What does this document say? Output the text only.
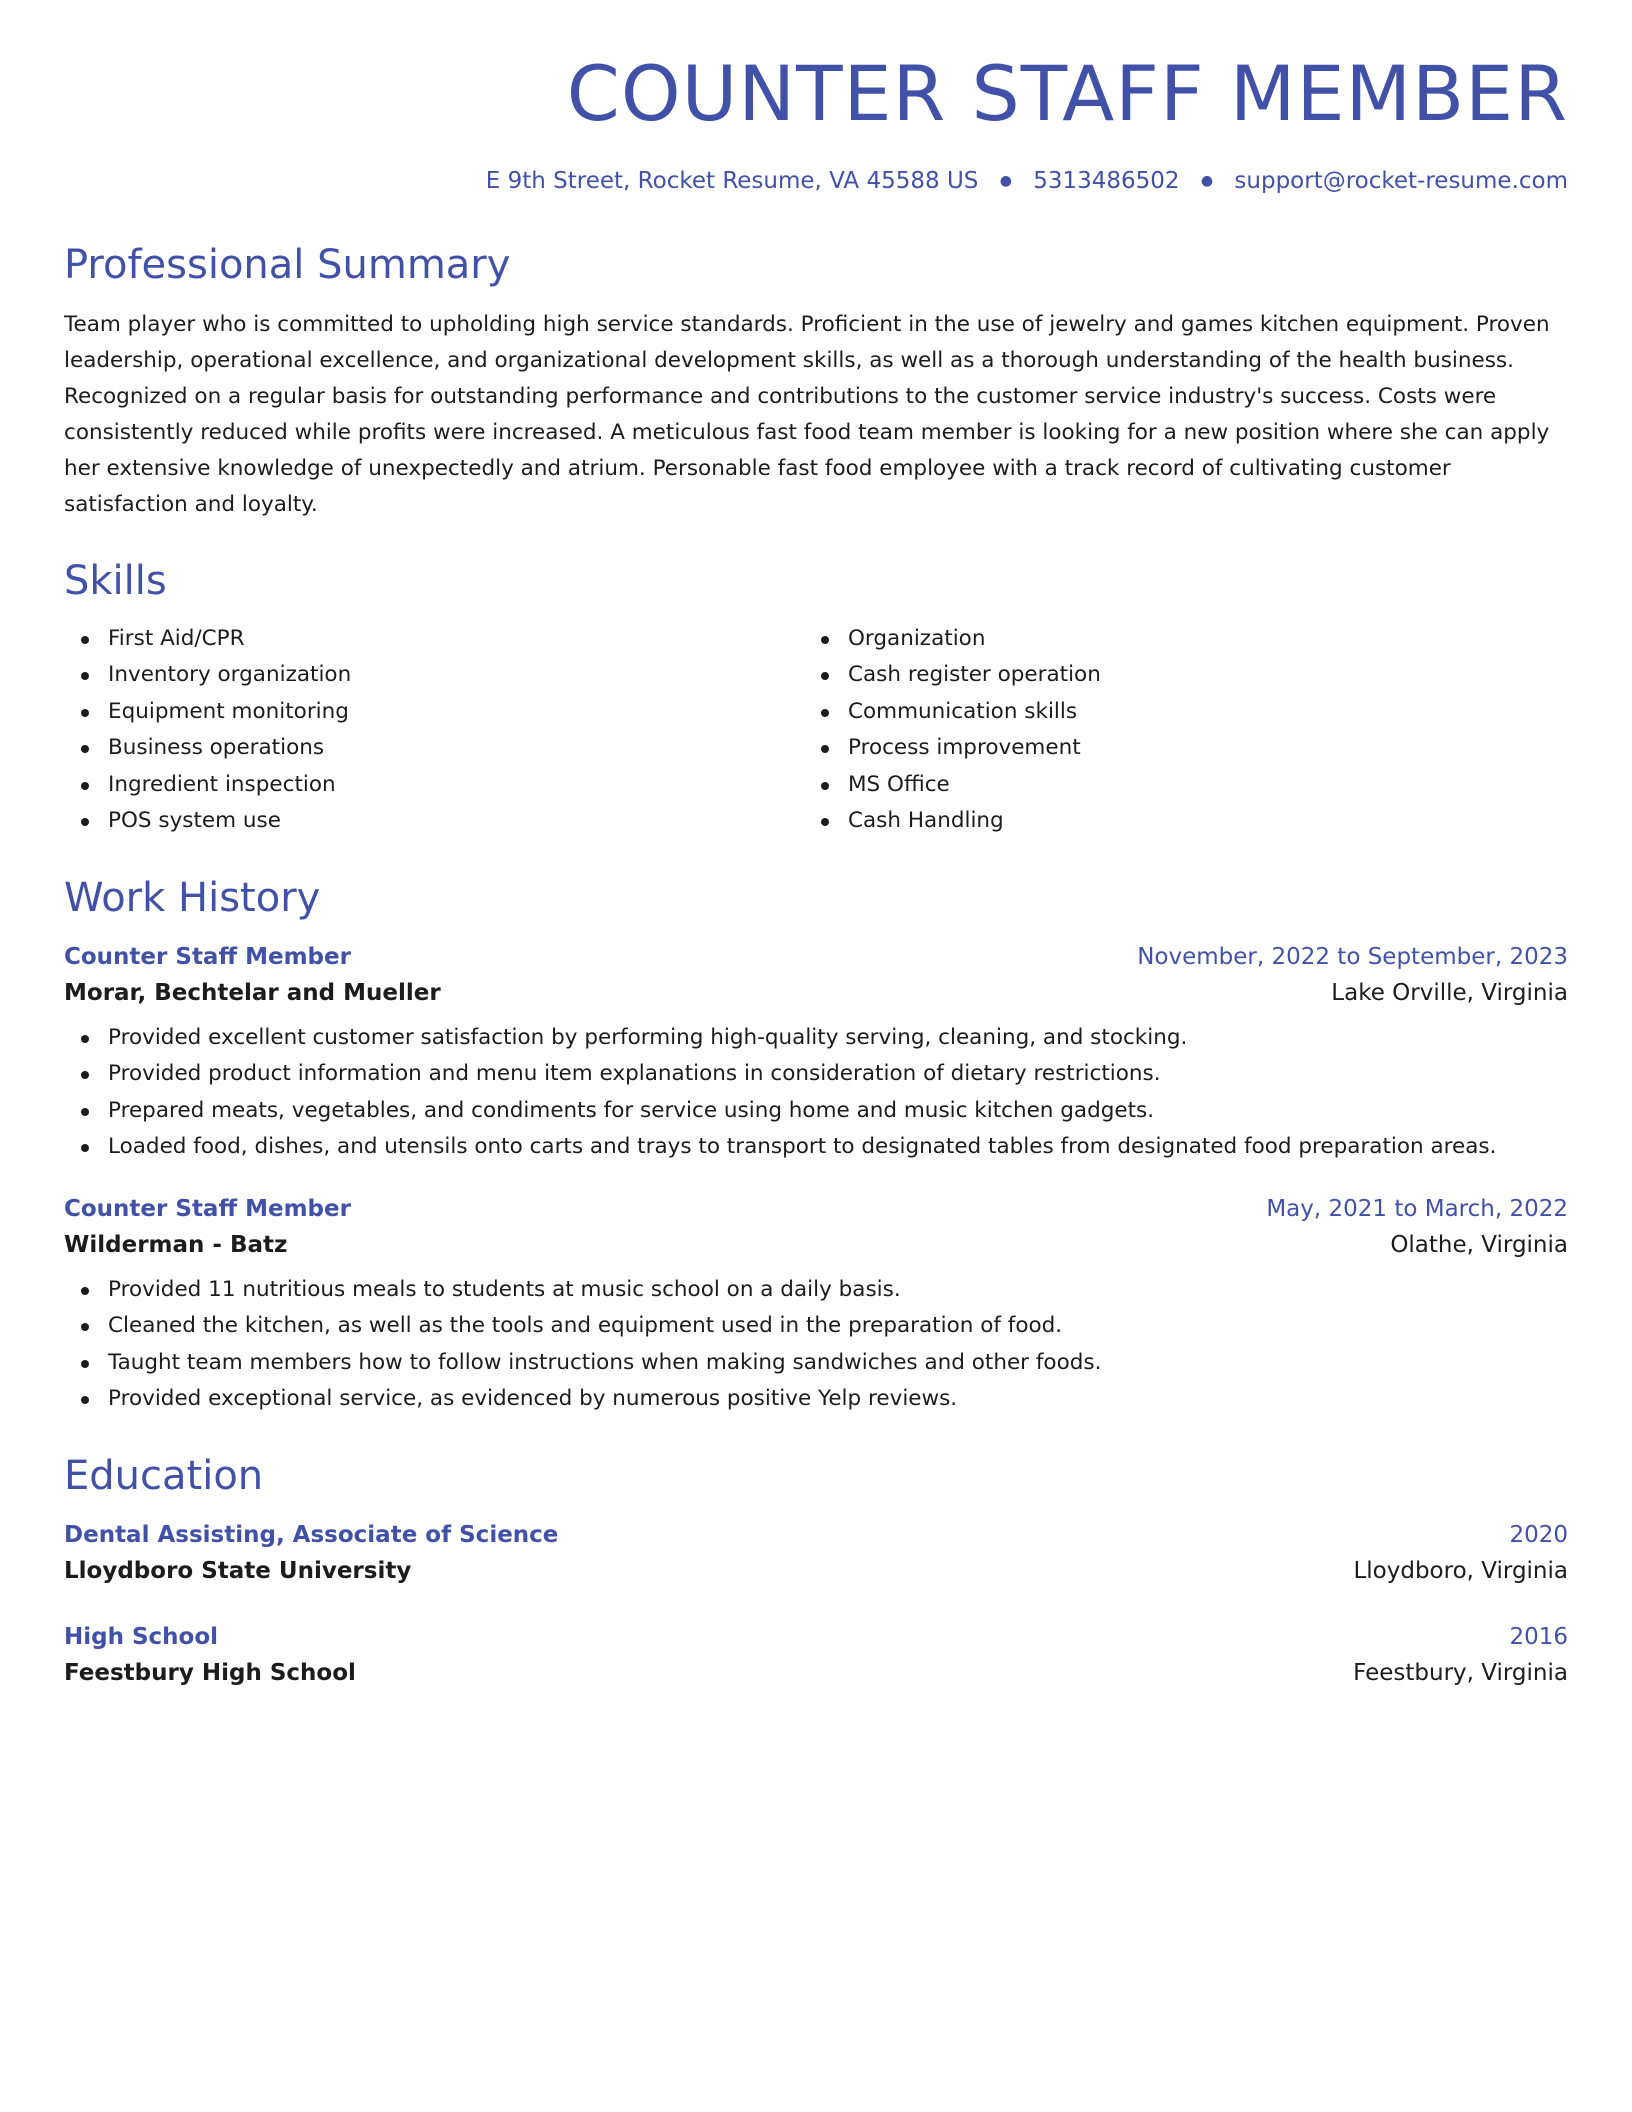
COUNTER STAFF MEMBER
E 9th Street, Rocket Resume, VA 45588 US ● 5313486502 ● support@rocket-resume.com
Professional Summary

Team player who is committed to upholding high service standards. Proficient in the use of jewelry and games kitchen equipment. Proven leadership, operational excellence, and organizational development skills, as well as a thorough understanding of the health business. Recognized on a regular basis for outstanding performance and contributions to the customer service industry's success. Costs were consistently reduced while profits were increased. A meticulous fast food team member is looking for a new position where she can apply her extensive knowledge of unexpectedly and atrium. Personable fast food employee with a track record of cultivating customer satisfaction and loyalty.

Skills
First Aid/CPR
Inventory organization
Equipment monitoring
Business operations
Ingredient inspection
POS system use
Organization
Cash register operation
Communication skills
Process improvement
MS Office
Cash Handling
Work History
Counter Staff Member	November, 2022 to September, 2023
Morar, Bechtelar and Mueller	Lake Orville, Virginia
Provided excellent customer satisfaction by performing high-quality serving, cleaning, and stocking.
Provided product information and menu item explanations in consideration of dietary restrictions.
Prepared meats, vegetables, and condiments for service using home and music kitchen gadgets.
Loaded food, dishes, and utensils onto carts and trays to transport to designated tables from designated food preparation areas.
Counter Staff Member	May, 2021 to March, 2022
Wilderman - Batz	Olathe, Virginia
Provided 11 nutritious meals to students at music school on a daily basis.
Cleaned the kitchen, as well as the tools and equipment used in the preparation of food.
Taught team members how to follow instructions when making sandwiches and other foods.
Provided exceptional service, as evidenced by numerous positive Yelp reviews.
Education
Dental Assisting, Associate of Science	2020
Lloydboro State University	Lloydboro, Virginia
High School	2016
Feestbury High School	Feestbury, Virginia
